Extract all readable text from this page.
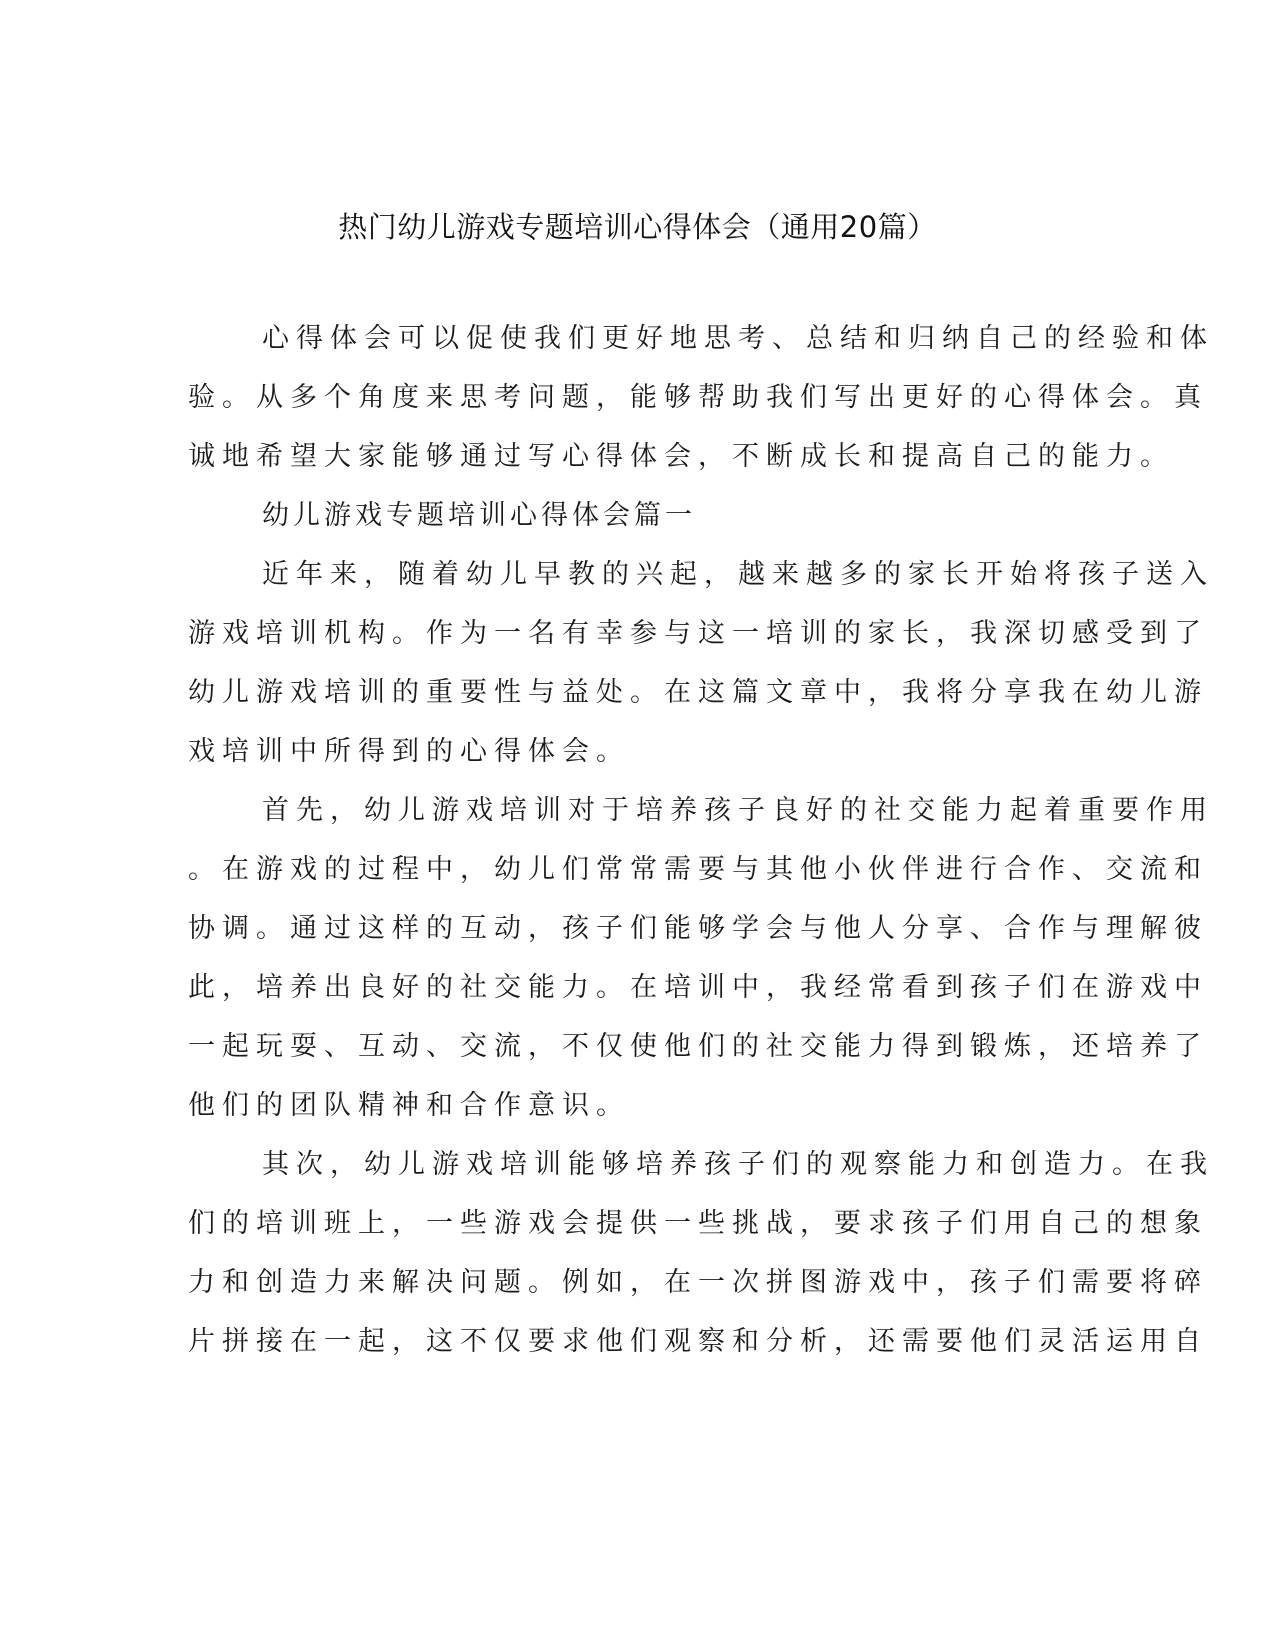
热门幼儿游戏专题培训心得体会（通用20篇）
心得体会可以促使我们更好地思考、总结和归纳自己的经验和体
验。从多个角度来思考问题，能够帮助我们写出更好的心得体会。真
诚地希望大家能够通过写心得体会，不断成长和提高自己的能力。
幼儿游戏专题培训心得体会篇一
近年来，随着幼儿早教的兴起，越来越多的家长开始将孩子送入
游戏培训机构。作为一名有幸参与这一培训的家长，我深切感受到了
幼儿游戏培训的重要性与益处。在这篇文章中，我将分享我在幼儿游
戏培训中所得到的心得体会。
首先，幼儿游戏培训对于培养孩子良好的社交能力起着重要作用
。在游戏的过程中，幼儿们常常需要与其他小伙伴进行合作、交流和
协调。通过这样的互动，孩子们能够学会与他人分享、合作与理解彼
此，培养出良好的社交能力。在培训中，我经常看到孩子们在游戏中
一起玩耍、互动、交流，不仅使他们的社交能力得到锻炼，还培养了
他们的团队精神和合作意识。
其次，幼儿游戏培训能够培养孩子们的观察能力和创造力。在我
们的培训班上，一些游戏会提供一些挑战，要求孩子们用自己的想象
力和创造力来解决问题。例如，在一次拼图游戏中，孩子们需要将碎
片拼接在一起，这不仅要求他们观察和分析，还需要他们灵活运用自
